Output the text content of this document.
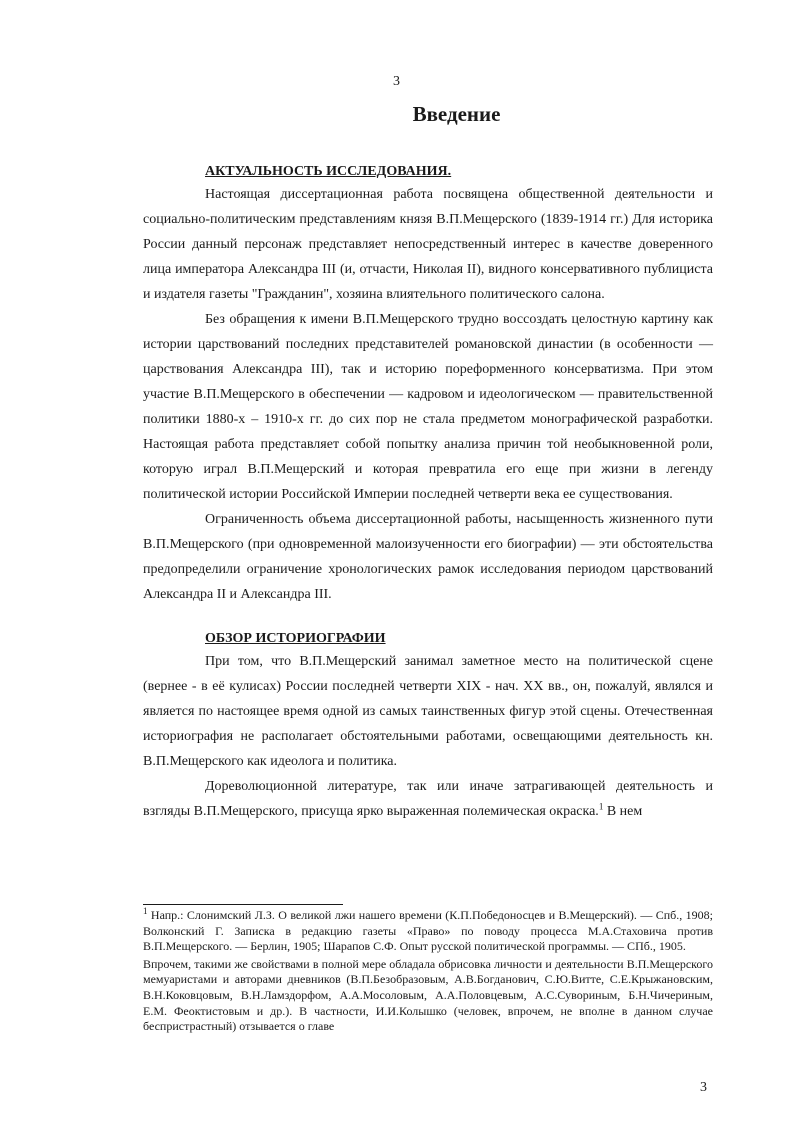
3
Введение

АКТУАЛЬНОСТЬ ИССЛЕДОВАНИЯ.

Настоящая диссертационная работа посвящена общественной деятельности и социально-политическим представлениям князя В.П.Мещерского (1839-1914 гг.) Для историка России данный персонаж представляет непосредственный интерес в качестве доверенного лица императора Александра III (и, отчасти, Николая II), видного консервативного публициста и издателя газеты "Гражданин", хозяина влиятельного политического салона.

Без обращения к имени В.П.Мещерского трудно воссоздать целостную картину как истории царствований последних представителей романовской династии (в особенности — царствования Александра III), так и историю пореформенного консерватизма. При этом участие В.П.Мещерского в обеспечении — кадровом и идеологическом — правительственной политики 1880-х – 1910-х гг. до сих пор не стала предметом монографической разработки. Настоящая работа представляет собой попытку анализа причин той необыкновенной роли, которую играл В.П.Мещерский и которая превратила его еще при жизни в легенду политической истории Российской Империи последней четверти века ее существования.

Ограниченность объема диссертационной работы, насыщенность жизненного пути В.П.Мещерского (при одновременной малоизученности его биографии) — эти обстоятельства предопределили ограничение хронологических рамок исследования периодом царствований Александра II и Александра III.

ОБЗОР ИСТОРИОГРАФИИ

При том, что В.П.Мещерский занимал заметное место на политической сцене (вернее - в её кулисах) России последней четверти XIX - нач. XX вв., он, пожалуй, являлся и является по настоящее время одной из самых таинственных фигур этой сцены. Отечественная историография не располагает обстоятельными работами, освещающими деятельность кн. В.П.Мещерского как идеолога и политика.

Дореволюционной литературе, так или иначе затрагивающей деятельность и взгляды В.П.Мещерского, присуща ярко выраженная полемическая окраска.$^1$ В нем

$^1$ Напр.: Слонимский Л.З. О великой лжи нашего времени (К.П.Победоносцев и В.Мещерский). — Спб., 1908; Волконский Г. Записка в редакцию газеты «Право» по поводу процесса М.А.Стаховича против В.П.Мещерского. — Берлин, 1905; Шарапов С.Ф. Опыт русской политической программы. — СПб., 1905.

Впрочем, такими же свойствами в полной мере обладала обрисовка личности и деятельности В.П.Мещерского мемуаристами и авторами дневников (В.П.Безобразовым, А.В.Богданович, С.Ю.Витте, С.Е.Крыжановским, В.Н.Коковцовым, В.Н.Ламздорфом, А.А.Мосоловым, А.А.Половцевым, А.С.Сувориным, Б.Н.Чичериным, Е.М. Феоктистовым и др.). В частности, И.И.Колышко (человек, впрочем, не вполне в данном случае беспристрастный) отзывается о главе

3
